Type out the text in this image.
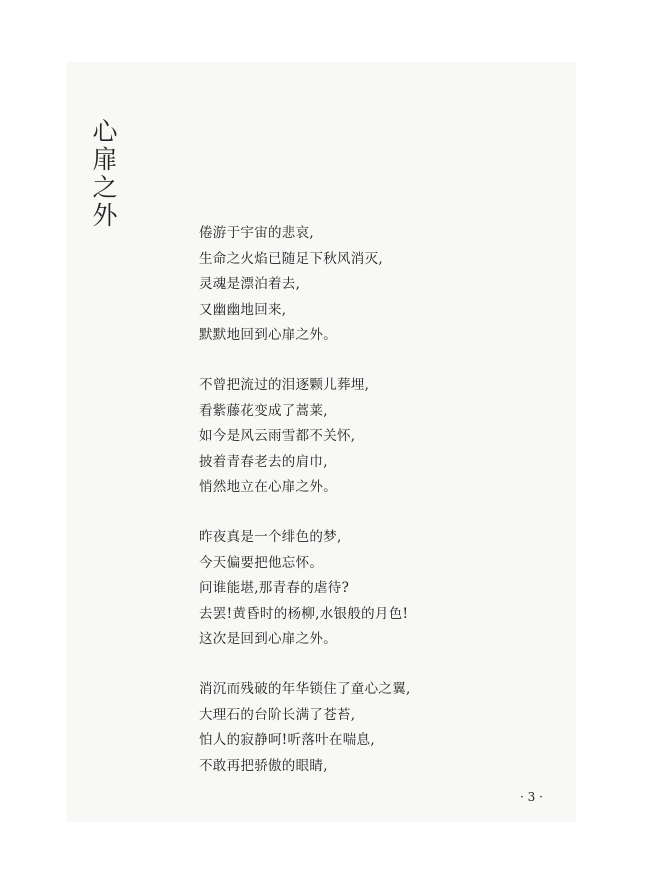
心
扉
之
外
倦游于宇宙的悲哀,
生命之火焰已随足下秋风消灭,
灵魂是漂泊着去,
又幽幽地回来,
默默地回到心扉之外。
不曾把流过的泪逐颗儿葬埋,
看紫藤花变成了蒿莱,
如今是风云雨雪都不关怀,
披着青春老去的肩巾,
悄然地立在心扉之外。
昨夜真是一个绯色的梦,
今天偏要把他忘怀。
问谁能堪,那青春的虐待?
去罢!黄昏时的杨柳,水银般的月色!
这次是回到心扉之外。
消沉而残破的年华锁住了童心之翼,
大理石的台阶长满了苍苔,
怕人的寂静呵!听落叶在喘息,
不敢再把骄傲的眼睛,
· 3 ·
